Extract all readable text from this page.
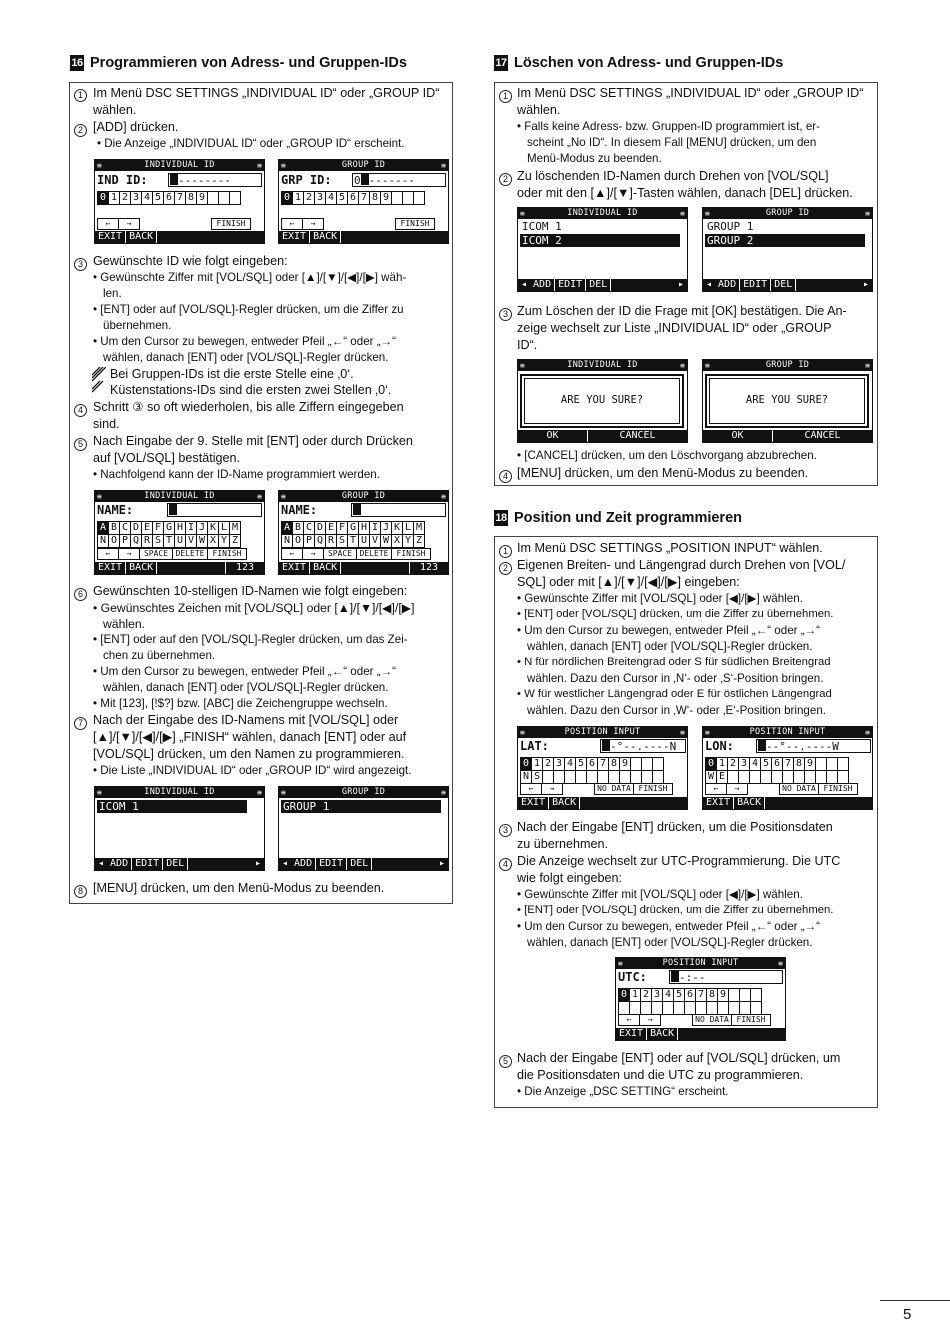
16 Programmieren von Adress- und Gruppen-IDs
1 Im Menü DSC SETTINGS „INDIVIDUAL ID“ oder „GROUP ID“
wählen.
2 [ADD] drücken.
• Die Anzeige „INDIVIDUAL ID“ oder „GROUP ID“ erscheint.
INDIVIDUAL ID
≡	≡
IND ID:	--------
0 1 2 3 4 5 6 7 8 9
←	→	FINISH
EXIT BACK
GROUP ID
≡	≡
GRP ID: 0 -------
0 1 2 3 4 5 6 7 8 9
←	→	FINISH
EXIT BACK
3 Gewünschte ID wie folgt eingeben:
• Gewünschte Ziffer mit [VOL/SQL] oder [▲]/[▼]/[◀]/[▶] wäh-
len.
• [ENT] oder auf [VOL/SQL]-Regler drücken, um die Ziffer zu
übernehmen.
• Um den Cursor zu bewegen, entweder Pfeil „←“ oder „→“
wählen, danach [ENT] oder [VOL/SQL]-Regler drücken.
Bei Gruppen-IDs ist die erste Stelle eine ‚0‘.
Küstenstations-IDs sind die ersten zwei Stellen ‚0‘.
4 Schritt ③ so oft wiederholen, bis alle Ziffern eingegeben
sind.
5 Nach Eingabe der 9. Stelle mit [ENT] oder durch Drücken
auf [VOL/SQL] bestätigen.
• Nachfolgend kann der ID-Name programmiert werden.
INDIVIDUAL ID
≡	≡
NAME:
A B C D E F G H I J K L M
N O P Q R S T U V W X Y Z
←	→	SPACE DELETE	FINISH
EXIT BACK	123
GROUP ID
≡	≡
NAME:
A B C D E F G H I J K L M
N O P Q R S T U V W X Y Z
←	→	SPACE DELETE	FINISH
EXIT BACK	123
6 Gewünschten 10-stelligen ID-Namen wie folgt eingeben:
• Gewünschtes Zeichen mit [VOL/SQL] oder [▲]/[▼]/[◀]/[▶]
wählen.
• [ENT] oder auf den [VOL/SQL]-Regler drücken, um das Zei-
chen zu übernehmen.
• Um den Cursor zu bewegen, entweder Pfeil „←“ oder „→“
wählen, danach [ENT] oder [VOL/SQL]-Regler drücken.
• Mit [123], [!$?] bzw. [ABC] die Zeichengruppe wechseln.
7 Nach der Eingabe des ID-Namens mit [VOL/SQL] oder
[▲]/[▼]/[◀]/[▶] „FINISH“ wählen, danach [ENT] oder auf
[VOL/SQL] drücken, um den Namen zu programmieren.
• Die Liste „INDIVIDUAL ID“ oder „GROUP ID“ wird angezeigt.
INDIVIDUAL ID
≡	≡
ICOM 1
◂ ADD EDIT DEL	▸
GROUP ID
≡	≡
GROUP 1
◂ ADD EDIT DEL	▸
8 [MENU] drücken, um den Menü-Modus zu beenden.
17 Löschen von Adress- und Gruppen-IDs
1 Im Menü DSC SETTINGS „INDIVIDUAL ID“ oder „GROUP ID“
wählen.
• Falls keine Adress- bzw. Gruppen-ID programmiert ist, er-
scheint „No ID“. In diesem Fall [MENU] drücken, um den
Menü-Modus zu beenden.
2 Zu löschenden ID-Namen durch Drehen von [VOL/SQL]
oder mit den [▲]/[▼]-Tasten wählen, danach [DEL] drücken.
INDIVIDUAL ID
≡	≡
ICOM 1
ICOM 2
◂ ADD EDIT DEL	▸
GROUP ID
≡	≡
GROUP 1
GROUP 2
◂ ADD EDIT DEL	▸
3 Zum Löschen der ID die Frage mit [OK] bestätigen. Die An-
zeige wechselt zur Liste „INDIVIDUAL ID“ oder „GROUP
ID“.
INDIVIDUAL ID
≡	≡
ARE YOU SURE?
OK	CANCEL
GROUP ID
≡	≡
ARE YOU SURE?
OK	CANCEL
• [CANCEL] drücken, um den Löschvorgang abzubrechen.
4 [MENU] drücken, um den Menü-Modus zu beenden.
18 Position und Zeit programmieren
1 Im Menü DSC SETTINGS „POSITION INPUT“ wählen.
2 Eigenen Breiten- und Längengrad durch Drehen von [VOL/
SQL] oder mit [▲]/[▼]/[◀]/[▶] eingeben:
• Gewünschte Ziffer mit [VOL/SQL] oder [◀]/[▶] wählen.
• [ENT] oder [VOL/SQL] drücken, um die Ziffer zu übernehmen.
• Um den Cursor zu bewegen, entweder Pfeil „←“ oder „→“
wählen, danach [ENT] oder [VOL/SQL]-Regler drücken.
• N für nördlichen Breitengrad oder S für südlichen Breitengrad
wählen. Dazu den Cursor in ‚N‘- oder ‚S‘-Position bringen.
• W für westlicher Längengrad oder E für östlichen Längengrad
wählen. Dazu den Cursor in ‚W‘- oder ‚E‘-Position bringen.
POSITION INPUT
≡	≡
LAT:	-°--.----N
0 1 2 3 4 5 6 7 8 9
N S
←	→	NO DATA FINISH
EXIT BACK
POSITION INPUT
≡	≡
LON:	--°--.----W
0 1 2 3 4 5 6 7 8 9
W E
←	→	NO DATA FINISH
EXIT BACK
3 Nach der Eingabe [ENT] drücken, um die Positionsdaten
zu übernehmen.
4 Die Anzeige wechselt zur UTC-Programmierung. Die UTC
wie folgt eingeben:
• Gewünschte Ziffer mit [VOL/SQL] oder [◀]/[▶] wählen.
• [ENT] oder [VOL/SQL] drücken, um die Ziffer zu übernehmen.
• Um den Cursor zu bewegen, entweder Pfeil „←“ oder „→“
wählen, danach [ENT] oder [VOL/SQL]-Regler drücken.
POSITION INPUT
≡	≡
UTC:	-:--
0 1 2 3 4 5 6 7 8 9
←	→	NO DATA FINISH
EXIT BACK
5 Nach der Eingabe [ENT] oder auf [VOL/SQL] drücken, um
die Positionsdaten und die UTC zu programmieren.
• Die Anzeige „DSC SETTING“ erscheint.
5
